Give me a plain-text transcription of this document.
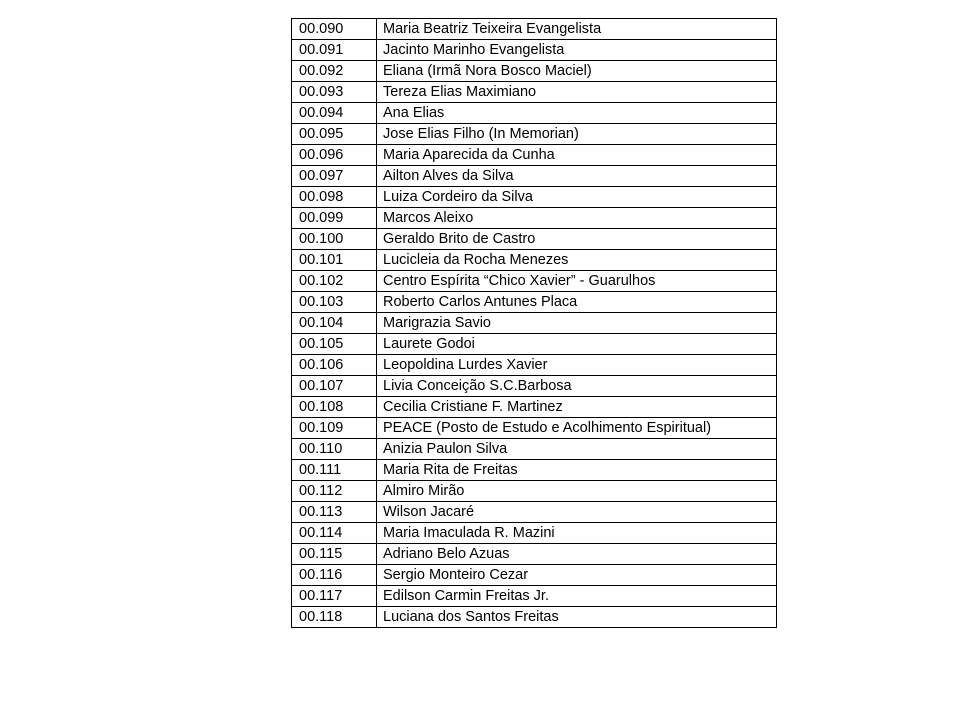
00.090	Maria Beatriz Teixeira Evangelista
00.091	Jacinto Marinho Evangelista
00.092	Eliana (Irmã Nora Bosco Maciel)
00.093	Tereza Elias Maximiano
00.094	Ana Elias
00.095	Jose Elias Filho (In Memorian)
00.096	Maria Aparecida da Cunha
00.097	Ailton Alves da Silva
00.098	Luiza Cordeiro da Silva
00.099	Marcos Aleixo
00.100	Geraldo Brito de Castro
00.101	Lucicleia da Rocha Menezes
00.102	Centro Espírita “Chico Xavier” - Guarulhos
00.103	Roberto Carlos Antunes Placa
00.104	Marigrazia Savio
00.105	Laurete Godoi
00.106	Leopoldina Lurdes Xavier
00.107	Livia Conceição S.C.Barbosa
00.108	Cecilia Cristiane F. Martinez
00.109	PEACE (Posto de Estudo e Acolhimento Espiritual)
00.110	Anizia Paulon Silva
00.111	Maria Rita de Freitas
00.112	Almiro Mirão
00.113	Wilson Jacaré
00.114	Maria Imaculada R. Mazini
00.115	Adriano Belo Azuas
00.116	Sergio Monteiro Cezar
00.117	Edilson Carmin Freitas Jr.
00.118	Luciana dos Santos Freitas
